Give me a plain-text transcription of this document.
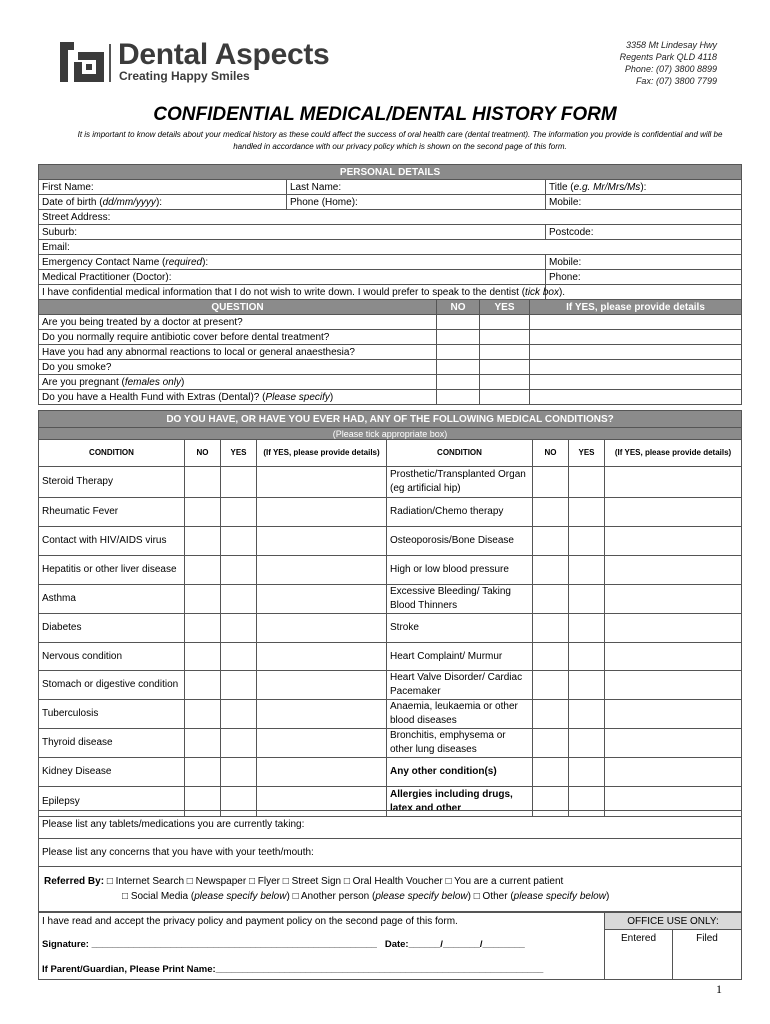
Dental Aspects
Creating Happy Smiles
3358 Mt Lindesay Hwy
Regents Park QLD 4118
Phone: (07) 3800 8899
Fax: (07) 3800 7799
CONFIDENTIAL MEDICAL/DENTAL HISTORY FORM
It is important to know details about your medical history as these could affect the success of oral health care (dental treatment). The information you provide is confidential and will be handled in accordance with our privacy policy which is shown on the second page of this form.
PERSONAL DETAILS					
First Name:	Last Name:				Title (e.g. Mr/Mrs/Ms):
Date of birth (dd/mm/yyyy):	Phone (Home):				Mobile:
Street Address:					
Suburb:					Postcode:
Email:					
Emergency Contact Name (required):					Mobile:
Medical Practitioner (Doctor):					Phone:
I have confidential medical information that I do not wish to write down. I would prefer to speak to the dentist (tick box).					
QUESTION		NO	YES	If YES, please provide details	
Are you being treated by a doctor at present?					
Do you normally require antibiotic cover before dental treatment?					
Have you had any abnormal reactions to local or general anaesthesia?					
Do you smoke?					
Are you pregnant (females only)					
Do you have a Health Fund with Extras (Dental)? (Please specify)					
DO YOU HAVE, OR HAVE YOU EVER HAD, ANY OF THE FOLLOWING MEDICAL CONDITIONS?							
(Please tick appropriate box)							
CONDITION	NO	YES	(If YES, please provide details)	CONDITION	NO	YES	(If YES, please provide details)
Steroid Therapy				Prosthetic/Transplanted Organ (eg artificial hip)			
Rheumatic Fever				Radiation/Chemo therapy			
Contact with HIV/AIDS virus				Osteoporosis/Bone Disease			
Hepatitis or other liver disease				High or low blood pressure			
Asthma				Excessive Bleeding/ Taking Blood Thinners			
Diabetes				Stroke			
Nervous condition				Heart Complaint/ Murmur			
Stomach or digestive condition				Heart Valve Disorder/ Cardiac Pacemaker			
Tuberculosis				Anaemia, leukaemia or other blood diseases			
Thyroid disease				Bronchitis, emphysema or other lung diseases			
Kidney Disease				Any other condition(s)			
Epilepsy				Allergies including drugs, latex and other			
Please list any tablets/medications you are currently taking:
Please list any concerns that you have with your teeth/mouth:
Referred By: □ Internet Search □ Newspaper □ Flyer □ Street Sign □ Oral Health Voucher □ You are a current patient
□ Social Media (please specify below) □ Another person (please specify below) □ Other (please specify below)
I have read and accept the privacy policy and payment policy on the second page of this form.	OFFICE USE ONLY:	
Signature: ______________________________________________________ Date:______/_______/________	Entered	Filed
If Parent/Guardian, Please Print Name:______________________________________________________________		
1
